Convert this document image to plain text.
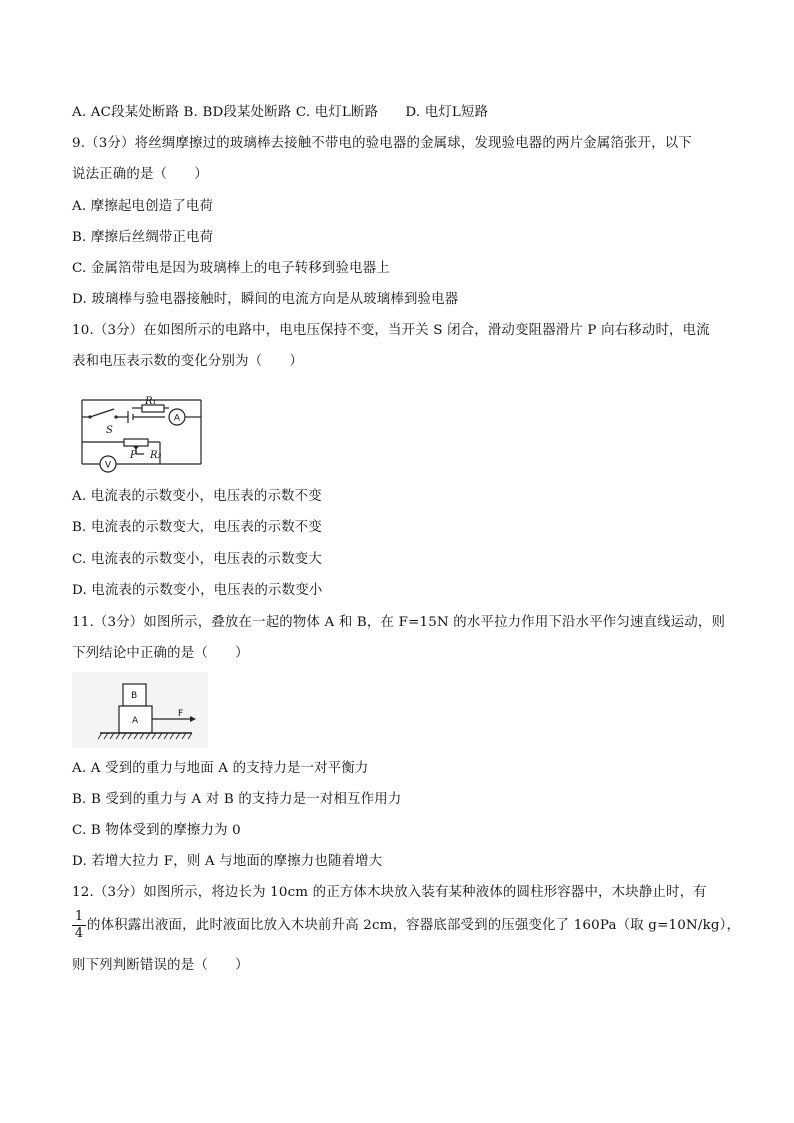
A. AC段某处断路 B. BD段某处断路 C. 电灯L断路　　D. 电灯L短路
9.（3分）将丝绸摩擦过的玻璃棒去接触不带电的验电器的金属球，发现验电器的两片金属箔张开，以下
说法正确的是（　　）
A. 摩擦起电创造了电荷
B. 摩擦后丝绸带正电荷
C. 金属箔带电是因为玻璃棒上的电子转移到验电器上
D. 玻璃棒与验电器接触时，瞬间的电流方向是从玻璃棒到验电器
10.（3分）在如图所示的电路中，电电压保持不变，当开关 S 闭合，滑动变阻器滑片 P 向右移动时，电流
表和电压表示数的变化分别为（　　）
R₁
R₂
S
P
A
V
A. 电流表的示数变小，电压表的示数不变
B. 电流表的示数变大，电压表的示数不变
C. 电流表的示数变小，电压表的示数变大
D. 电流表的示数变小，电压表的示数变小
11.（3分）如图所示，叠放在一起的物体 A 和 B，在 F=15N 的水平拉力作用下沿水平作匀速直线运动，则
下列结论中正确的是（　　）
B
A
F
A. A 受到的重力与地面 A 的支持力是一对平衡力
B. B 受到的重力与 A 对 B 的支持力是一对相互作用力
C. B 物体受到的摩擦力为 0
D. 若增大拉力 F，则 A 与地面的摩擦力也随着增大
12.（3分）如图所示，将边长为 10cm 的正方体木块放入装有某种液体的圆柱形容器中，木块静止时，有
$\frac{1}{4}$ 的体积露出液面，此时液面比放入木块前升高 2cm，容器底部受到的压强变化了 160Pa（取 g=10N/kg），
则下列判断错误的是（　　）
